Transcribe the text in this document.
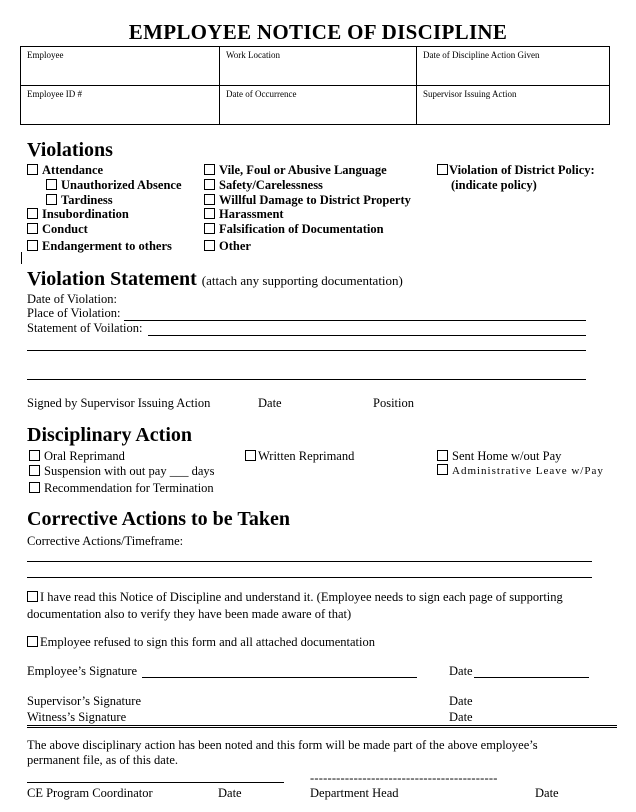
EMPLOYEE NOTICE OF DISCIPLINE
Employee	Work Location	Date of Discipline Action Given
Employee ID #	Date of Occurrence	Supervisor Issuing Action
Violations
Attendance
Unauthorized Absence
Tardiness
Insubordination
Conduct
Endangerment to others
Vile, Foul or Abusive Language
Safety/Carelessness
Willful Damage to District Property
Harassment
Falsification of Documentation
Other
Violation of District Policy:
(indicate policy)
Violation Statement (attach any supporting documentation)
Date of Violation:
Place of Violation:
Statement of Voilation:
Signed by Supervisor Issuing Action	Date	Position
Disciplinary Action
Oral Reprimand
Suspension with out pay ___ days
Recommendation for Termination
Written Reprimand	Sent Home w/out Pay
Administrative Leave w/Pay
Corrective Actions to be Taken
Corrective Actions/Timeframe:
I have read this Notice of Discipline and understand it. (Employee needs to sign each page of supporting
documentation also to verify they have been made aware of that)
Employee refused to sign this form and all attached documentation
Employee’s Signature	Date
Supervisor’s Signature	Date
Witness’s Signature	Date
The above disciplinary action has been noted and this form will be made part of the above employee’s
permanent file, as of this date.
-------------------------------------------
CE Program Coordinator	Date	Department Head	Date
